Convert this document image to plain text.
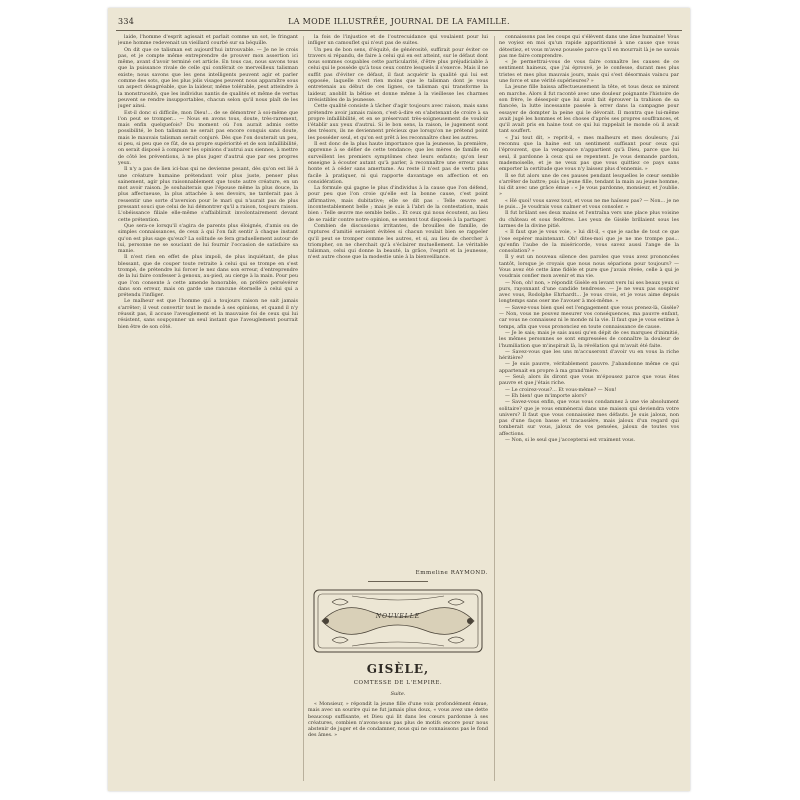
334	LA MODE ILLUSTRÉE, JOURNAL DE LA FAMILLE.

laide, l'homme d'esprit agissait et parlait comme un sot, le fringant jeune homme redevenait un vieillard courbé sur sa béquille.

On dit que ce talisman est aujourd'hui introuvable. — Je ne le crois pas, et je compte même entreprendre de prouver mon assertion ici même, avant d'avoir terminé cet article. En tous cas, nous savons tous que la puissance rivale de celle qui conférait ce merveilleux talisman existe; nous savons que les gens intelligents peuvent agir et parler comme des sots, que les plus jolis visages peuvent nous apparaître sous un aspect désagréable, que la laideur, même tolérable, peut atteindre à la monstruosité, que les individus nantis de qualités et même de vertus peuvent se rendre insupportables, chacun selon qu'il nous plaît de les juger ainsi.

Est-il donc si difficile, mon Dieu!... de se démontrer à soi-même que l'on peut se tromper... — Nous en avons tous, doute, très-rarement, mais enfin quelquefois? Du moment où l'on aurait admis cette possibilité, le bon talisman ne serait pas encore conquis sans doute, mais le mauvais talisman serait conjuré. Dès que l'on douterait un peu, si peu, si peu que ce fût, de sa propre supériorité et de son infaillibilité, on serait disposé à comparer les opinions d'autrui aux siennes, à mettre de côté les préventions, à ne plus juger d'autrui que par ses propres yeux.

Il n'y a pas de lien ici-bas qui ne devienne pesant, dès qu'on est lié à une créature humaine prétendant voir plus juste, penser plus sainement, agir plus raisonnablement que toute autre créature, en un mot avoir raison. Je souhaiterais que l'épouse même la plus douce, la plus affectueuse, la plus attachée à ses devoirs, ne tarderait pas à ressentir une sorte d'aversion pour le mari qui n'aurait pas de plus pressant souci que celui de lui démontrer qu'il a raison, toujours raison. L'obéissance filiale elle-même s'affaiblirait involontairement devant cette prétention.

Que sera-ce lorsqu'il s'agira de parents plus éloignés, d'amis ou de simples connaissances, de ceux à qui l'on fait sentir à chaque instant qu'on est plus sage qu'eux? La solitude se fera graduellement autour de lui, personne ne se souciant de lui fournir l'occasion de satisfaire sa manie.

Il n'est rien en effet de plus impoli, de plus inquiétant, de plus blessant, que de couper toute retraite à celui qui se trompe en s'est trompé, de prétendre lui forcer le nez dans son erreur, d'entreprendre de la lui faire confesser à genoux, au-pied, au cierge à la main. Pour peu que l'on consente à cette amende honorable, on préfère persévérer dans son erreur, mais on garde une rancune éternelle à celui qui a prétendu l'infliger.

Le malheur est que l'homme qui a toujours raison ne sait jamais s'arrêter; il veut convertir tout le monde à ses opinions, et quand il n'y réussit pas, il accuse l'aveuglement et la mauvaise foi de ceux qui lui résistent, sans soupçonner un seul instant que l'aveuglement pourrait bien être de son côté.

la fois de l'injustice et de l'outrecuidance qui voulaient pour lui infliger un camouflet qui n'eut pas de suites.

Un peu de bon sens, d'équité, de générosité, suffirait pour éviter ce travers si répandu, de faire à celui qui en est atteint, sur le défaut dont nous sommes coupables cette particularité, d'être plus préjudiciable à celui qui le possède qu'à tous ceux contre lesquels il s'exerce. Mais il ne suffit pas d'éviter ce défaut, il faut acquérir la qualité qui lui est opposée, laquelle n'est rien moins que le talisman dont je vous entretenais au début de ces lignes, ce talisman qui transforme la laideur, anoblit la bêtise et donne même à la vieillesse les charmes irrésistibles de la jeunesse.

Cette qualité consiste à tâcher d'agir toujours avec raison, mais sans prétendre avoir jamais raison, c'est-à-dire en s'abstenant de croire à sa propre infaillibilité, et en se préservant très-soigneusement de vouloir l'établir aux yeux d'autrui. Si le bon sens, la raison, le jugement sont des trésors, ils ne deviennent précieux que lorsqu'on ne prétend point les posséder seul, et qu'on est prêt à les reconnaître chez les autres.

Il est donc de la plus haute importance que la jeunesse, la première, apprenne à se défier de cette tendance; que les mères de famille en surveillent les premiers symptômes chez leurs enfants; qu'on leur enseigne à écouter autant qu'à parler, à reconnaître une erreur sans honte et à céder sans amertume. Au reste il n'est pas de vertu plus facile à pratiquer, ni qui rapporte davantage en affection et en considération.

La formule qui gagne le plus d'individus à la cause que l'on défend, pour peu que l'on croie qu'elle est la bonne cause, c'est point affirmative, mais dubitative; elle se dit pas : Telle œuvre est incontestablement belle ; mais je suis à l'abri de la contestation, mais bien : Telle œuvre me semble belle... Et ceux qui nous écoutent, au lieu de se raidir contre notre opinion, se sentent tout disposés à la partager.

Combien de discussions irritantes, de brouilles de famille, de ruptures d'amitié seraient évitées si chacun voulait bien se rappeler qu'il peut se tromper comme les autres, et si, au lieu de chercher à triompher, on ne cherchait qu'à s'éclairer mutuellement. Le véritable talisman, celui qui donne la beauté, la grâce, l'esprit et la jeunesse, n'est autre chose que la modestie unie à la bienveillance.

Emmeline RAYMOND.
NOUVELLE
GISÈLE,
COMTESSE DE L'EMPIRE.
Suite.

« Monsieur, » répondit la jeune fille d'une voix profondément émue, mais avec un sourire qui ne fut jamais plus doux, « vous avez une dette beaucoup suffisante, et Dieu qui lit dans les cœurs pardonne à ses créatures, combien n'avons-nous pas plus de motifs encore pour nous abstenir de juger et de condamner, nous qui ne connaissons pas le fond des âmes. »

connaissons pas les coups qui s'élèvent dans une âme humaine! Vous ne voyiez en moi qu'un rapide apparitionné à une cause que vous détestiez, et vous m'avez poussée parce qu'il en mourrait là je ne savais pas me faire comprendre.

« Je permettrai-vous de vous faire connaître les causes de ce sentiment haineux, que j'ai éprouvé, je le confesse, durant mes plus tristes et mes plus mauvais jours, mais qui s'est désormais vaincu par une force et une vérité supérieures? »

La jeune fille baissa affectueusement la tête, et tous deux se mirent en marche. Alors il fut raconté avec une douleur poignante l'histoire de son frère, le désespoir que lui avait fait éprouver la trahison de sa fiancée, la lutte incessante passée à errer dans la campagne pour essayer de dompter la peine qui le dévorait. Il montra que lui-même avait jugé les hommes et les choses d'après ses propres souffrances, et qu'il avait pris en haine tout ce qui lui rappelait le monde où il avait tant souffert.

« J'ai tout dit, » reprit-il, « mes malheurs et mes douleurs; j'ai reconnu que la haine est un sentiment suffisant pour ceux qui l'éprouvent, que la vengeance n'appartient qu'à Dieu, parce que lui seul, il pardonne à ceux qui se repentent. Je vous demande pardon, mademoiselle, et je ne veux pas que vous quittiez ce pays sans emporter la certitude que vous n'y laissez plus d'ennemis. »

Il se fut alors une de ces pauses pendant lesquelles le cœur semble s'arrêter de battre; puis la jeune fille, tendant la main au jeune homme, lui dit avec une grâce émue : « Je vous pardonne, monsieur, et j'oublie. »

« Hé quoi! vous savez tout, et vous ne me haïssez pas? — Non... je ne le puis... Je voudrais vous calmer et vous consoler. »

Il fut brûlant ses deux mains et l'entraîna vers une place plus voisine du château et sous fenêtres. Les yeux de Gisèle brillaient sous les larmes de la divine pitié.

« Il faut que je vous voie, » lui dit-il, « que je sache de tout ce que j'ose espérer maintenant. Oh! dites-moi que je ne me trompe pas... qu'enfin l'aube de la miséricorde, vous savez aussi l'ange de la consolation? »

Il y eut un nouveau silence des paroles que vous avez prononcées tantôt, lorsque je croyais que nous nous séparions pour toujours? — Vous avez été cette âme fidèle et pure que j'avais rêvée, celle à qui je voudrais confier mon avenir et ma vie.

— Non, oh! non, » répondit Gisèle en levant vers lui ses beaux yeux si purs, rayonnant d'une candide tendresse. — Je ne veux pas soupirer avec vous, Rodolphe Ehrhardt... Je vous crois, et je vous aime depuis longtemps sans oser me l'avouer à moi-même. »

— Savez-vous bien quel est l'engagement que vous prenez-là, Gisèle? — Non, vous ne pouvez mesurer vos conséquences, ma pauvre enfant, car vous ne connaissez ni le monde ni la vie. Il faut que je vous estime à temps, afin que vous prononciez en toute connaissance de cause.

— Je le sais; mais je sais aussi qu'en dépit de ces marques d'inimitié, les mêmes personnes se sont empressées de connaître la douleur de l'humiliation que m'inspirait là, la révélation qui m'avait été faite.

— Savez-vous que les uns m'accuseront d'avoir vu en vous la riche héritière?

— Je suis pauvre, véritablement pauvre. J'abandonne même ce qui appartenait en propre à ma grand'mère.

— Seul; alors ils diront que vous m'épousez parce que vous êtes pauvre et que j'étais riche.

— Le croirez-vous?... Et vous-même? — Non!

— Eh bien! que m'importe alors?

— Savez-vous enfin, que vous vous condamnez à une vie absolument solitaire? que je vous emmènerai dans une maison qui deviendra votre univers? Il faut que vous connaissiez mes défauts. Je suis jaloux, non pas d'une façon basse et tracassière, mais jaloux d'un regard qui tomberait sur vous, jaloux de vos pensées, jaloux de toutes vos affections.

— Non, si le seul que j'accepterai est vraiment vous.
